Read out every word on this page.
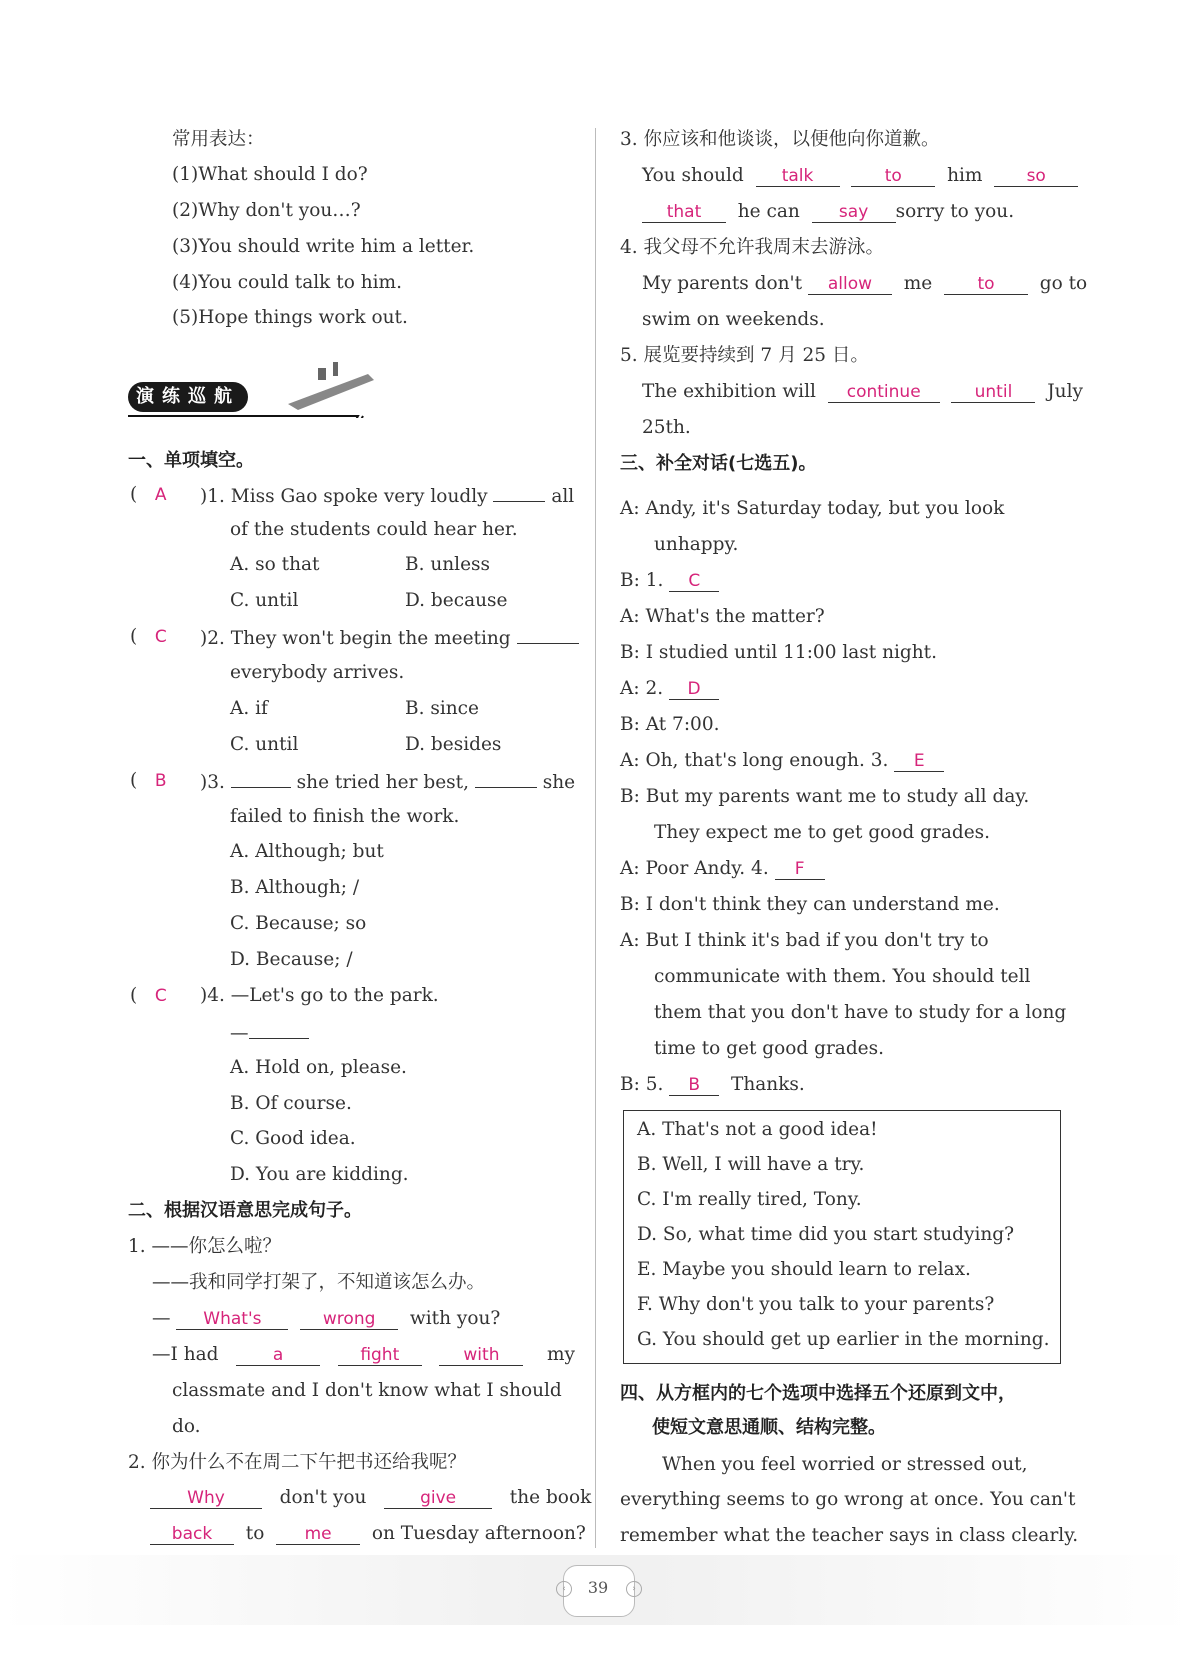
常用表达：
(1)What should I do?
(2)Why don't you…?
(3)You should write him a letter.
(4)You could talk to him.
(5)Hope things work out.
演练巡航
一、单项填空。
(   A )1. Miss Gao spoke very loudly	all
of the students could hear her.
A. so that	B. unless
C. until	D. because
(   C )2. They won't begin the meeting
everybody arrives.
A. if	B. since
C. until	D. besides
(   B )3.	she tried her best,	she
failed to finish the work.
A. Although; but
B. Although; /
C. Because; so
D. Because; /
(   C )4. —Let's go to the park.
—
A. Hold on, please.
B. Of course.
C. Good idea.
D. You are kidding.
二、根据汉语意思完成句子。
1. ——你怎么啦？
——我和同学打架了，不知道该怎么办。
— What's	wrong with you?
—I had	a	fight	with	my
classmate and I don't know what I should
do.
2. 你为什么不在周二下午把书还给我呢？
Why	don't you	give	the book
back to me on Tuesday afternoon?
3. 你应该和他谈谈，以便他向你道歉。
You should talk	to him	so
that he can say sorry to you.
4. 我父母不允许我周末去游泳。
My parents don't allow me	to go to
swim on weekends.
5. 展览要持续到 7 月 25 日。
The exhibition will continue	until July
25th.
三、补全对话(七选五)。
A: Andy, it's Saturday today, but you look
unhappy.
B: 1. C
A: What's the matter?
B: I studied until 11:00 last night.
A: 2. D
B: At 7:00.
A: Oh, that's long enough. 3. E
B: But my parents want me to study all day.
They expect me to get good grades.
A: Poor Andy. 4. F
B: I don't think they can understand me.
A: But I think it's bad if you don't try to
communicate with them. You should tell
them that you don't have to study for a long
time to get good grades.
B: 5. B Thanks.
A. That's not a good idea!
B. Well, I will have a try.
C. I'm really tired, Tony.
D. So, what time did you start studying?
E. Maybe you should learn to relax.
F. Why don't you talk to your parents?
G. You should get up earlier in the morning.
四、从方框内的七个选项中选择五个还原到文中，
使短文意思通顺、结构完整。
When you feel worried or stressed out,
everything seems to go wrong at once. You can't
remember what the teacher says in class clearly.
‹	›
39
